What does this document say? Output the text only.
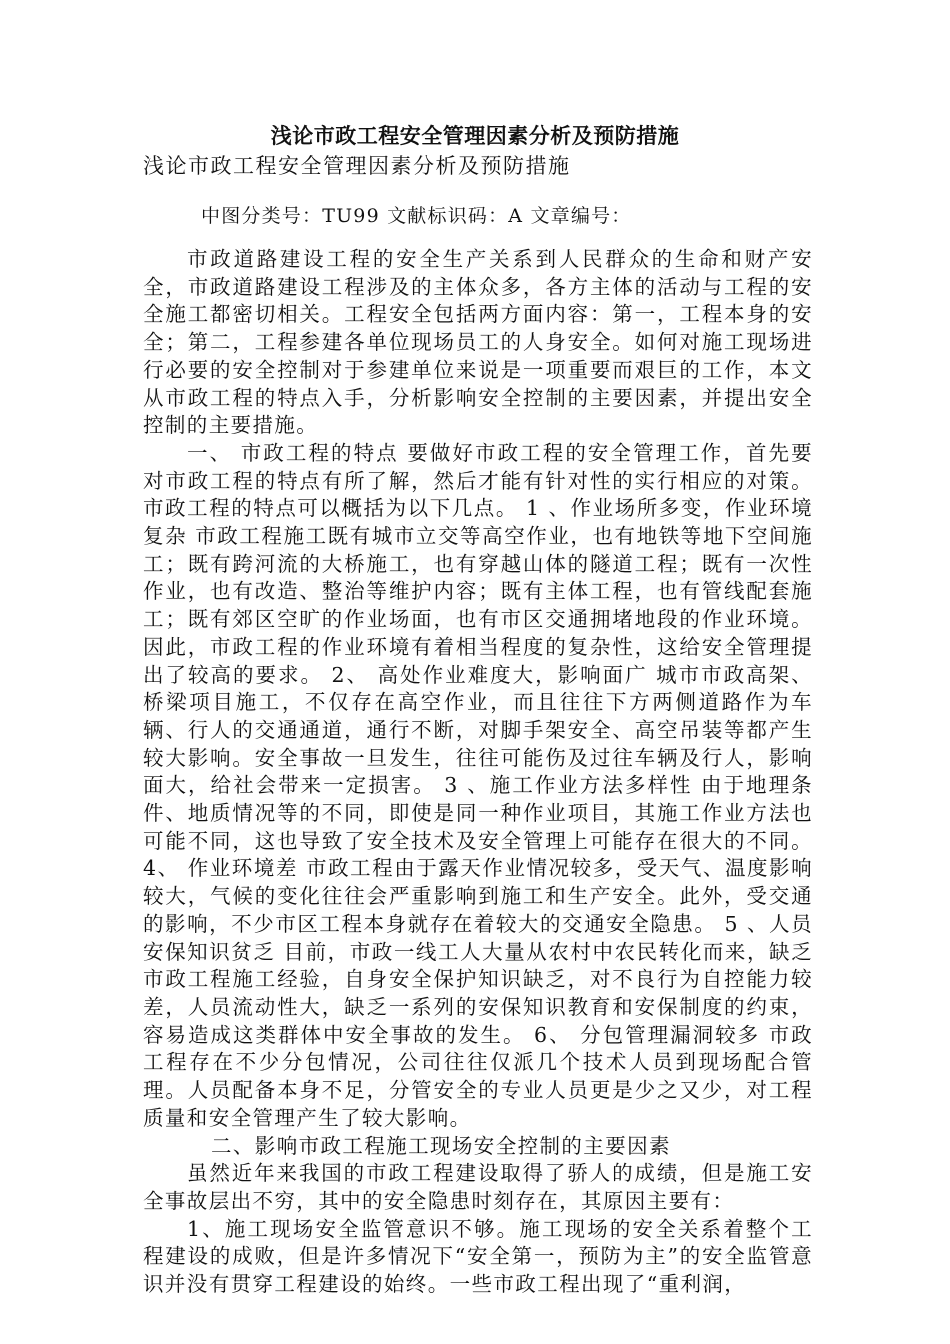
浅论市政工程安全管理因素分析及预防措施
浅论市政工程安全管理因素分析及预防措施
中图分类号：TU99 文献标识码：A 文章编号：

市政道路建设工程的安全生产关系到人民群众的生命和财产安全，市政道路建设工程涉及的主体众多，各方主体的活动与工程的安全施工都密切相关。工程安全包括两方面内容：第一，工程本身的安全；第二，工程参建各单位现场员工的人身安全。如何对施工现场进行必要的安全控制对于参建单位来说是一项重要而艰巨的工作，本文从市政工程的特点入手，分析影响安全控制的主要因素，并提出安全控制的主要措施。

一、 市政工程的特点 要做好市政工程的安全管理工作，首先要对市政工程的特点有所了解，然后才能有针对性的实行相应的对策。市政工程的特点可以概括为以下几点。 1 、作业场所多变，作业环境复杂 市政工程施工既有城市立交等高空作业，也有地铁等地下空间施工；既有跨河流的大桥施工，也有穿越山体的隧道工程；既有一次性作业，也有改造、整治等维护内容；既有主体工程，也有管线配套施工；既有郊区空旷的作业场面，也有市区交通拥堵地段的作业环境。因此，市政工程的作业环境有着相当程度的复杂性，这给安全管理提出了较高的要求。 2、 高处作业难度大，影响面广 城市市政高架、桥梁项目施工，不仅存在高空作业，而且往往下方两侧道路作为车辆、行人的交通通道，通行不断，对脚手架安全、高空吊装等都产生较大影响。安全事故一旦发生，往往可能伤及过往车辆及行人，影响面大，给社会带来一定损害。 3 、施工作业方法多样性 由于地理条件、地质情况等的不同，即使是同一种作业项目，其施工作业方法也可能不同，这也导致了安全技术及安全管理上可能存在很大的不同。 4、 作业环境差 市政工程由于露天作业情况较多，受天气、温度影响较大，气候的变化往往会严重影响到施工和生产安全。此外，受交通的影响，不少市区工程本身就存在着较大的交通安全隐患。 5 、人员安保知识贫乏 目前，市政一线工人大量从农村中农民转化而来，缺乏市政工程施工经验，自身安全保护知识缺乏，对不良行为自控能力较差，人员流动性大，缺乏一系列的安保知识教育和安保制度的约束，容易造成这类群体中安全事故的发生。 6、 分包管理漏洞较多 市政工程存在不少分包情况，公司往往仅派几个技术人员到现场配合管理。人员配备本身不足，分管安全的专业人员更是少之又少，对工程质量和安全管理产生了较大影响。

二、影响市政工程施工现场安全控制的主要因素

虽然近年来我国的市政工程建设取得了骄人的成绩，但是施工安全事故层出不穷，其中的安全隐患时刻存在，其原因主要有：

1、施工现场安全监管意识不够。施工现场的安全关系着整个工程建设的成败，但是许多情况下“安全第一，预防为主”的安全监管意识并没有贯穿工程建设的始终。一些市政工程出现了“重利润，
